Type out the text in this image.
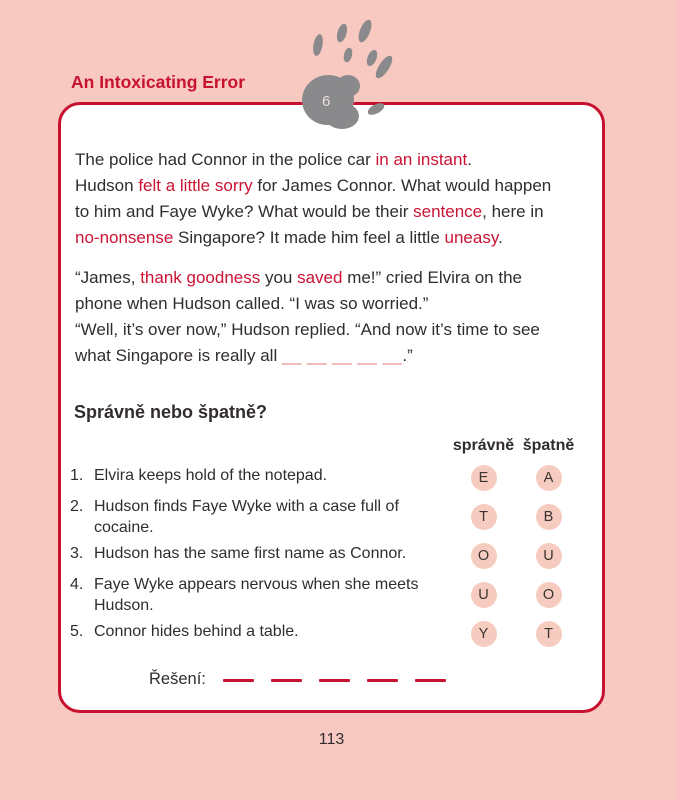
An Intoxicating Error
The police had Connor in the police car in an instant.
Hudson felt a little sorry for James Connor. What would happen
to him and Faye Wyke? What would be their sentence, here in
no-nonsense Singapore? It made him feel a little uneasy.
“James, thank goodness you saved me!” cried Elvira on the
phone when Hudson called. “I was so worried.”
“Well, it’s over now,” Hudson replied. “And now it’s time to see
what Singapore is really all __ __ __ __ __.”
Správně nebo špatně?
správně špatně
1. Elvira keeps hold of the notepad.	E	A
2. Hudson finds Faye Wyke with a case full of cocaine.
T	B
3. Hudson has the same first name as Connor.	O	U
4. Faye Wyke appears nervous when she meets Hudson.
U	O
5. Connor hides behind a table.	Y	T
Řešení:
6
113
